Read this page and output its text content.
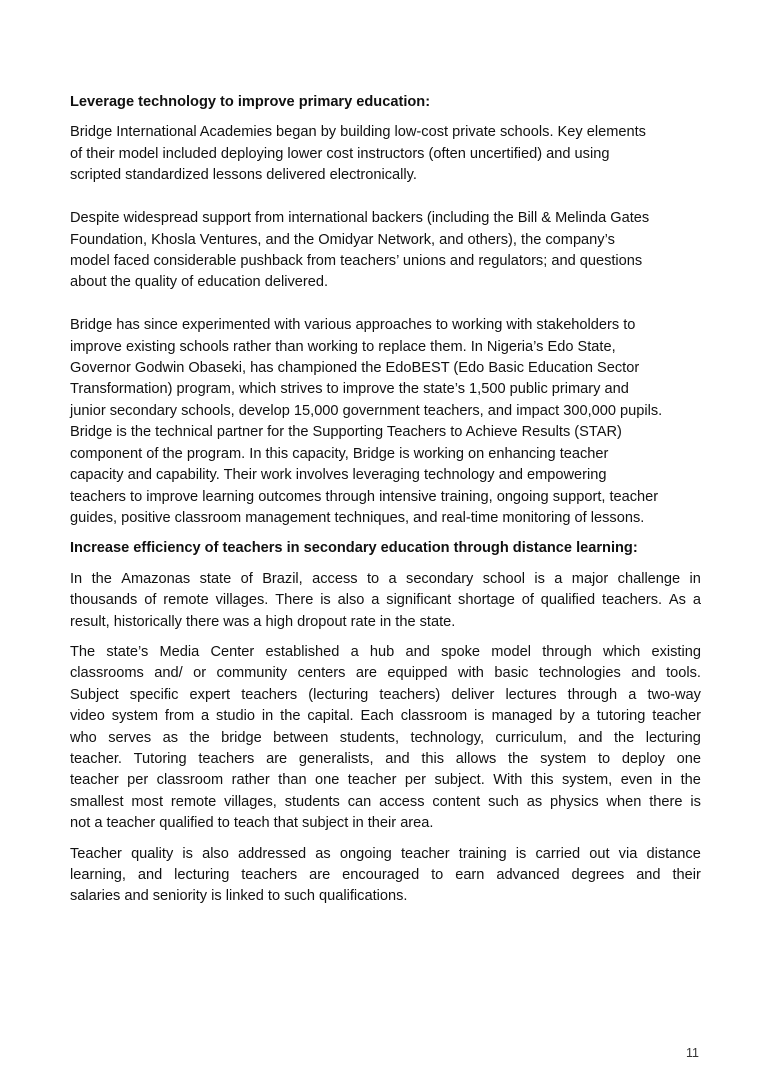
Leverage technology to improve primary education:
Bridge International Academies began by building low-cost private schools. Key elements
of their model included deploying lower cost instructors (often uncertified) and using
scripted standardized lessons delivered electronically.
Despite widespread support from international backers (including the Bill & Melinda Gates
Foundation, Khosla Ventures, and the Omidyar Network, and others), the company’s
model faced considerable pushback from teachers’ unions and regulators; and questions
about the quality of education delivered.
Bridge has since experimented with various approaches to working with stakeholders to
improve existing schools rather than working to replace them. In Nigeria’s Edo State,
Governor Godwin Obaseki, has championed the EdoBEST (Edo Basic Education Sector
Transformation) program, which strives to improve the state’s 1,500 public primary and
junior secondary schools, develop 15,000 government teachers, and impact 300,000 pupils.
Bridge is the technical partner for the Supporting Teachers to Achieve Results (STAR)
component of the program. In this capacity, Bridge is working on enhancing teacher
capacity and capability. Their work involves leveraging technology and empowering
teachers to improve learning outcomes through intensive training, ongoing support, teacher
guides, positive classroom management techniques, and real-time monitoring of lessons.
Increase efficiency of teachers in secondary education through distance learning:
In the Amazonas state of Brazil, access to a secondary school is a major challenge in
thousands of remote villages. There is also a significant shortage of qualified teachers. As a
result, historically there was a high dropout rate in the state.
The state’s Media Center established a hub and spoke model through which existing
classrooms and/ or community centers are equipped with basic technologies and tools.
Subject specific expert teachers (lecturing teachers) deliver lectures through a two-way
video system from a studio in the capital. Each classroom is managed by a tutoring teacher
who serves as the bridge between students, technology, curriculum, and the lecturing
teacher. Tutoring teachers are generalists, and this allows the system to deploy one
teacher per classroom rather than one teacher per subject. With this system, even in the
smallest most remote villages, students can access content such as physics when there is
not a teacher qualified to teach that subject in their area.
Teacher quality is also addressed as ongoing teacher training is carried out via distance
learning, and lecturing teachers are encouraged to earn advanced degrees and their
salaries and seniority is linked to such qualifications.
11
